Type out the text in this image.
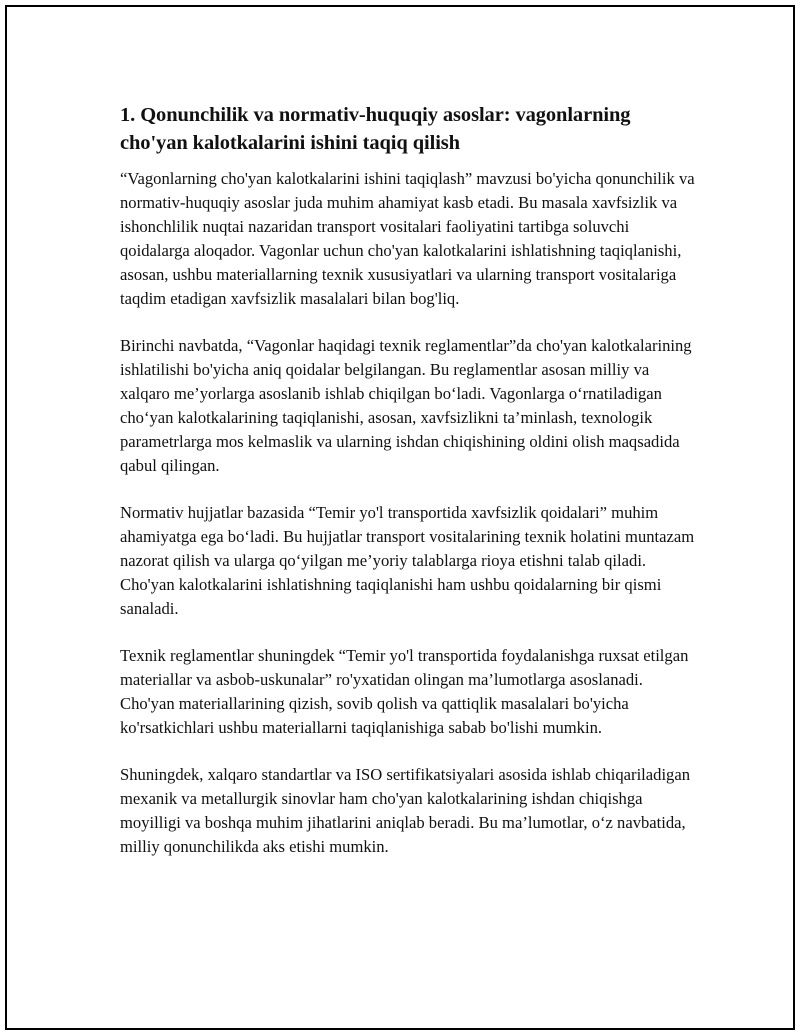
1. Qonunchilik va normativ-huquqiy asoslar: vagonlarning cho'yan kalotkalarini ishini taqiq qilish

“Vagonlarning cho'yan kalotkalarini ishini taqiqlash” mavzusi bo'yicha qonunchilik va normativ-huquqiy asoslar juda muhim ahamiyat kasb etadi. Bu masala xavfsizlik va ishonchlilik nuqtai nazaridan transport vositalari faoliyatini tartibga soluvchi qoidalarga aloqador. Vagonlar uchun cho'yan kalotkalarini ishlatishning taqiqlanishi, asosan, ushbu materiallarning texnik xususiyatlari va ularning transport vositalariga taqdim etadigan xavfsizlik masalalari bilan bog'liq.

Birinchi navbatda, “Vagonlar haqidagi texnik reglamentlar”da cho'yan kalotkalarining ishlatilishi bo'yicha aniq qoidalar belgilangan. Bu reglamentlar asosan milliy va xalqaro me’yorlarga asoslanib ishlab chiqilgan bo‘ladi. Vagonlarga o‘rnatiladigan cho‘yan kalotkalarining taqiqlanishi, asosan, xavfsizlikni ta’minlash, texnologik parametrlarga mos kelmaslik va ularning ishdan chiqishining oldini olish maqsadida qabul qilingan.

Normativ hujjatlar bazasida “Temir yo'l transportida xavfsizlik qoidalari” muhim ahamiyatga ega bo‘ladi. Bu hujjatlar transport vositalarining texnik holatini muntazam nazorat qilish va ularga qo‘yilgan me’yoriy talablarga rioya etishni talab qiladi. Cho'yan kalotkalarini ishlatishning taqiqlanishi ham ushbu qoidalarning bir qismi sanaladi.

Texnik reglamentlar shuningdek “Temir yo'l transportida foydalanishga ruxsat etilgan materiallar va asbob-uskunalar” ro'yxatidan olingan ma’lumotlarga asoslanadi. Cho'yan materiallarining qizish, sovib qolish va qattiqlik masalalari bo'yicha ko'rsatkichlari ushbu materiallarni taqiqlanishiga sabab bo'lishi mumkin.

Shuningdek, xalqaro standartlar va ISO sertifikatsiyalari asosida ishlab chiqariladigan mexanik va metallurgik sinovlar ham cho'yan kalotkalarining ishdan chiqishga moyilligi va boshqa muhim jihatlarini aniqlab beradi. Bu ma’lumotlar, o‘z navbatida, milliy qonunchilikda aks etishi mumkin.
